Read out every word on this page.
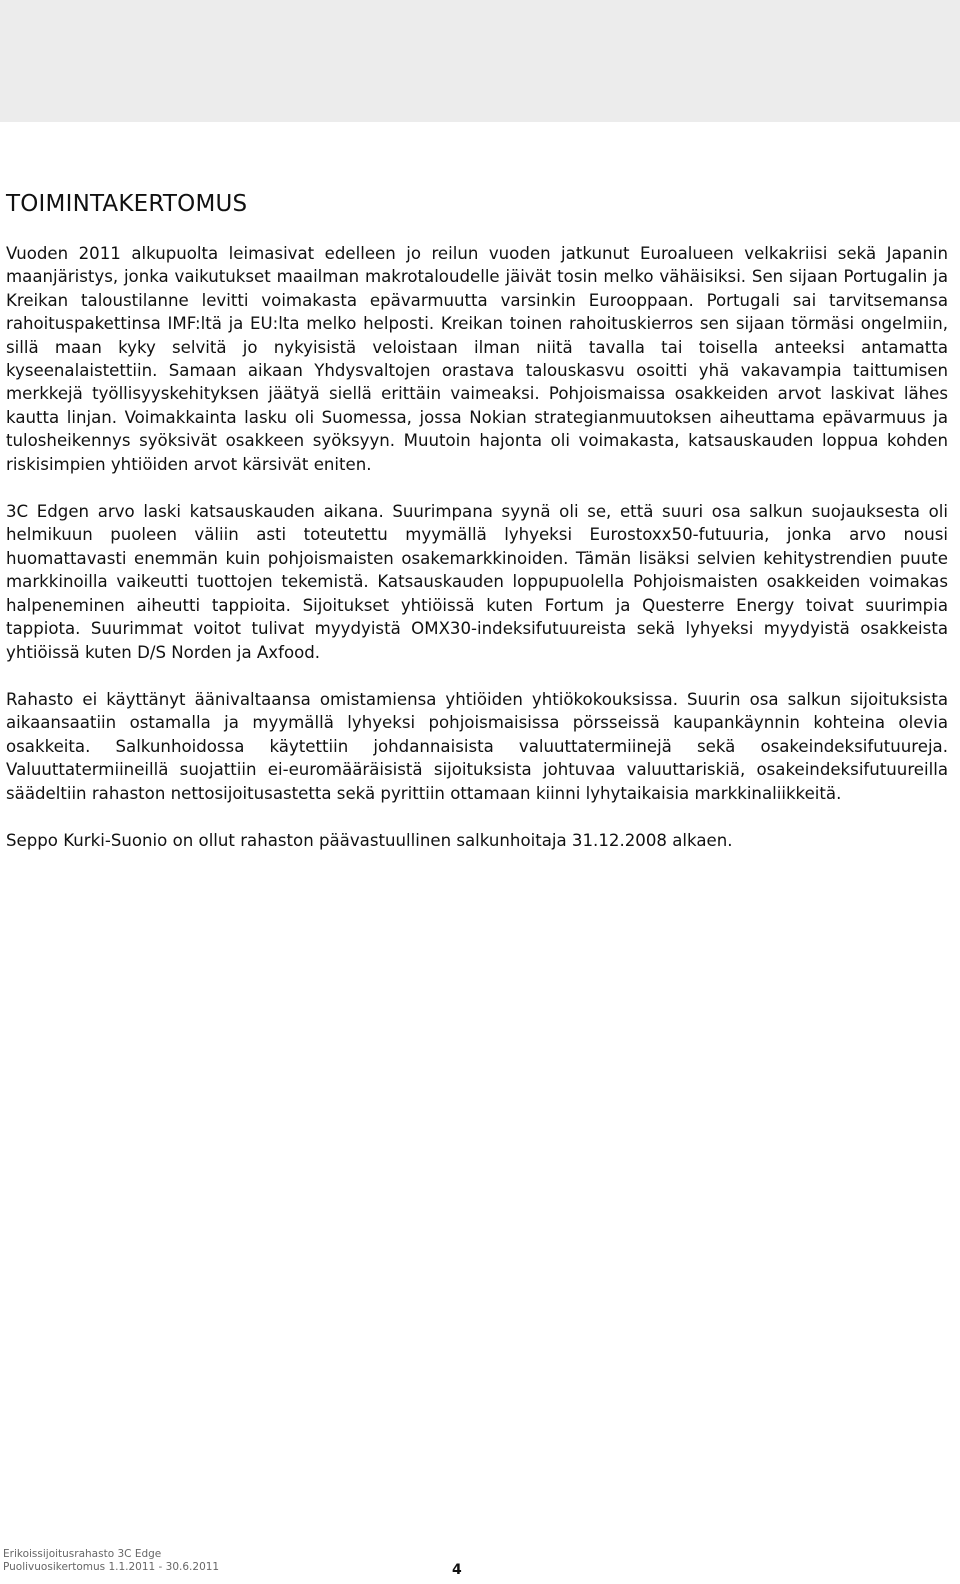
TOIMINTAKERTOMUS

Vuoden 2011 alkupuolta leimasivat edelleen jo reilun vuoden jatkunut Euroalueen velkakriisi sekä Japanin maanjäristys, jonka vaikutukset maailman makrotaloudelle jäivät tosin melko vähäisiksi. Sen sijaan Portugalin ja Kreikan taloustilanne levitti voimakasta epävarmuutta varsinkin Eurooppaan. Portugali sai tarvitsemansa rahoituspakettinsa IMF:ltä ja EU:lta melko helposti. Kreikan toinen rahoituskierros sen sijaan törmäsi ongelmiin, sillä maan kyky selvitä jo nykyisistä veloistaan ilman niitä tavalla tai toisella anteeksi antamatta kyseenalaistettiin. Samaan aikaan Yhdysvaltojen orastava talouskasvu osoitti yhä vakavampia taittumisen merkkejä työllisyyskehityksen jäätyä siellä erittäin vaimeaksi. Pohjoismaissa osakkeiden arvot laskivat lähes kautta linjan. Voimakkainta lasku oli Suomessa, jossa Nokian strategianmuutoksen aiheuttama epävarmuus ja tulosheikennys syöksivät osakkeen syöksyyn. Muutoin hajonta oli voimakasta, katsauskauden loppua kohden riskisimpien yhtiöiden arvot kärsivät eniten.

3C Edgen arvo laski katsauskauden aikana. Suurimpana syynä oli se, että suuri osa salkun suojauksesta oli helmikuun puoleen väliin asti toteutettu myymällä lyhyeksi Eurostoxx50-futuuria, jonka arvo nousi huomattavasti enemmän kuin pohjoismaisten osakemarkkinoiden. Tämän lisäksi selvien kehitystrendien puute markkinoilla vaikeutti tuottojen tekemistä. Katsauskauden loppupuolella Pohjoismaisten osakkeiden voimakas halpeneminen aiheutti tappioita. Sijoitukset yhtiöissä kuten Fortum ja Questerre Energy toivat suurimpia tappiota. Suurimmat voitot tulivat myydyistä OMX30-indeksifutuureista sekä lyhyeksi myydyistä osakkeista yhtiöissä kuten D/S Norden ja Axfood.

Rahasto ei käyttänyt äänivaltaansa omistamiensa yhtiöiden yhtiökokouksissa. Suurin osa salkun sijoituksista aikaansaatiin ostamalla ja myymällä lyhyeksi pohjoismaisissa pörsseissä kaupankäynnin kohteina olevia osakkeita. Salkunhoidossa käytettiin johdannaisista valuuttatermiinejä sekä osakeindeksifutuureja. Valuuttatermiineillä suojattiin ei-euromääräisistä sijoituksista johtuvaa valuuttariskiä, osakeindeksifutuureilla säädeltiin rahaston nettosijoitusastetta sekä pyrittiin ottamaan kiinni lyhytaikaisia markkinaliikkeitä.

Seppo Kurki-Suonio on ollut rahaston päävastuullinen salkunhoitaja 31.12.2008 alkaen.

Erikoissijoitusrahasto 3C Edge
Puolivuosikertomus 1.1.2011 - 30.6.2011	4
